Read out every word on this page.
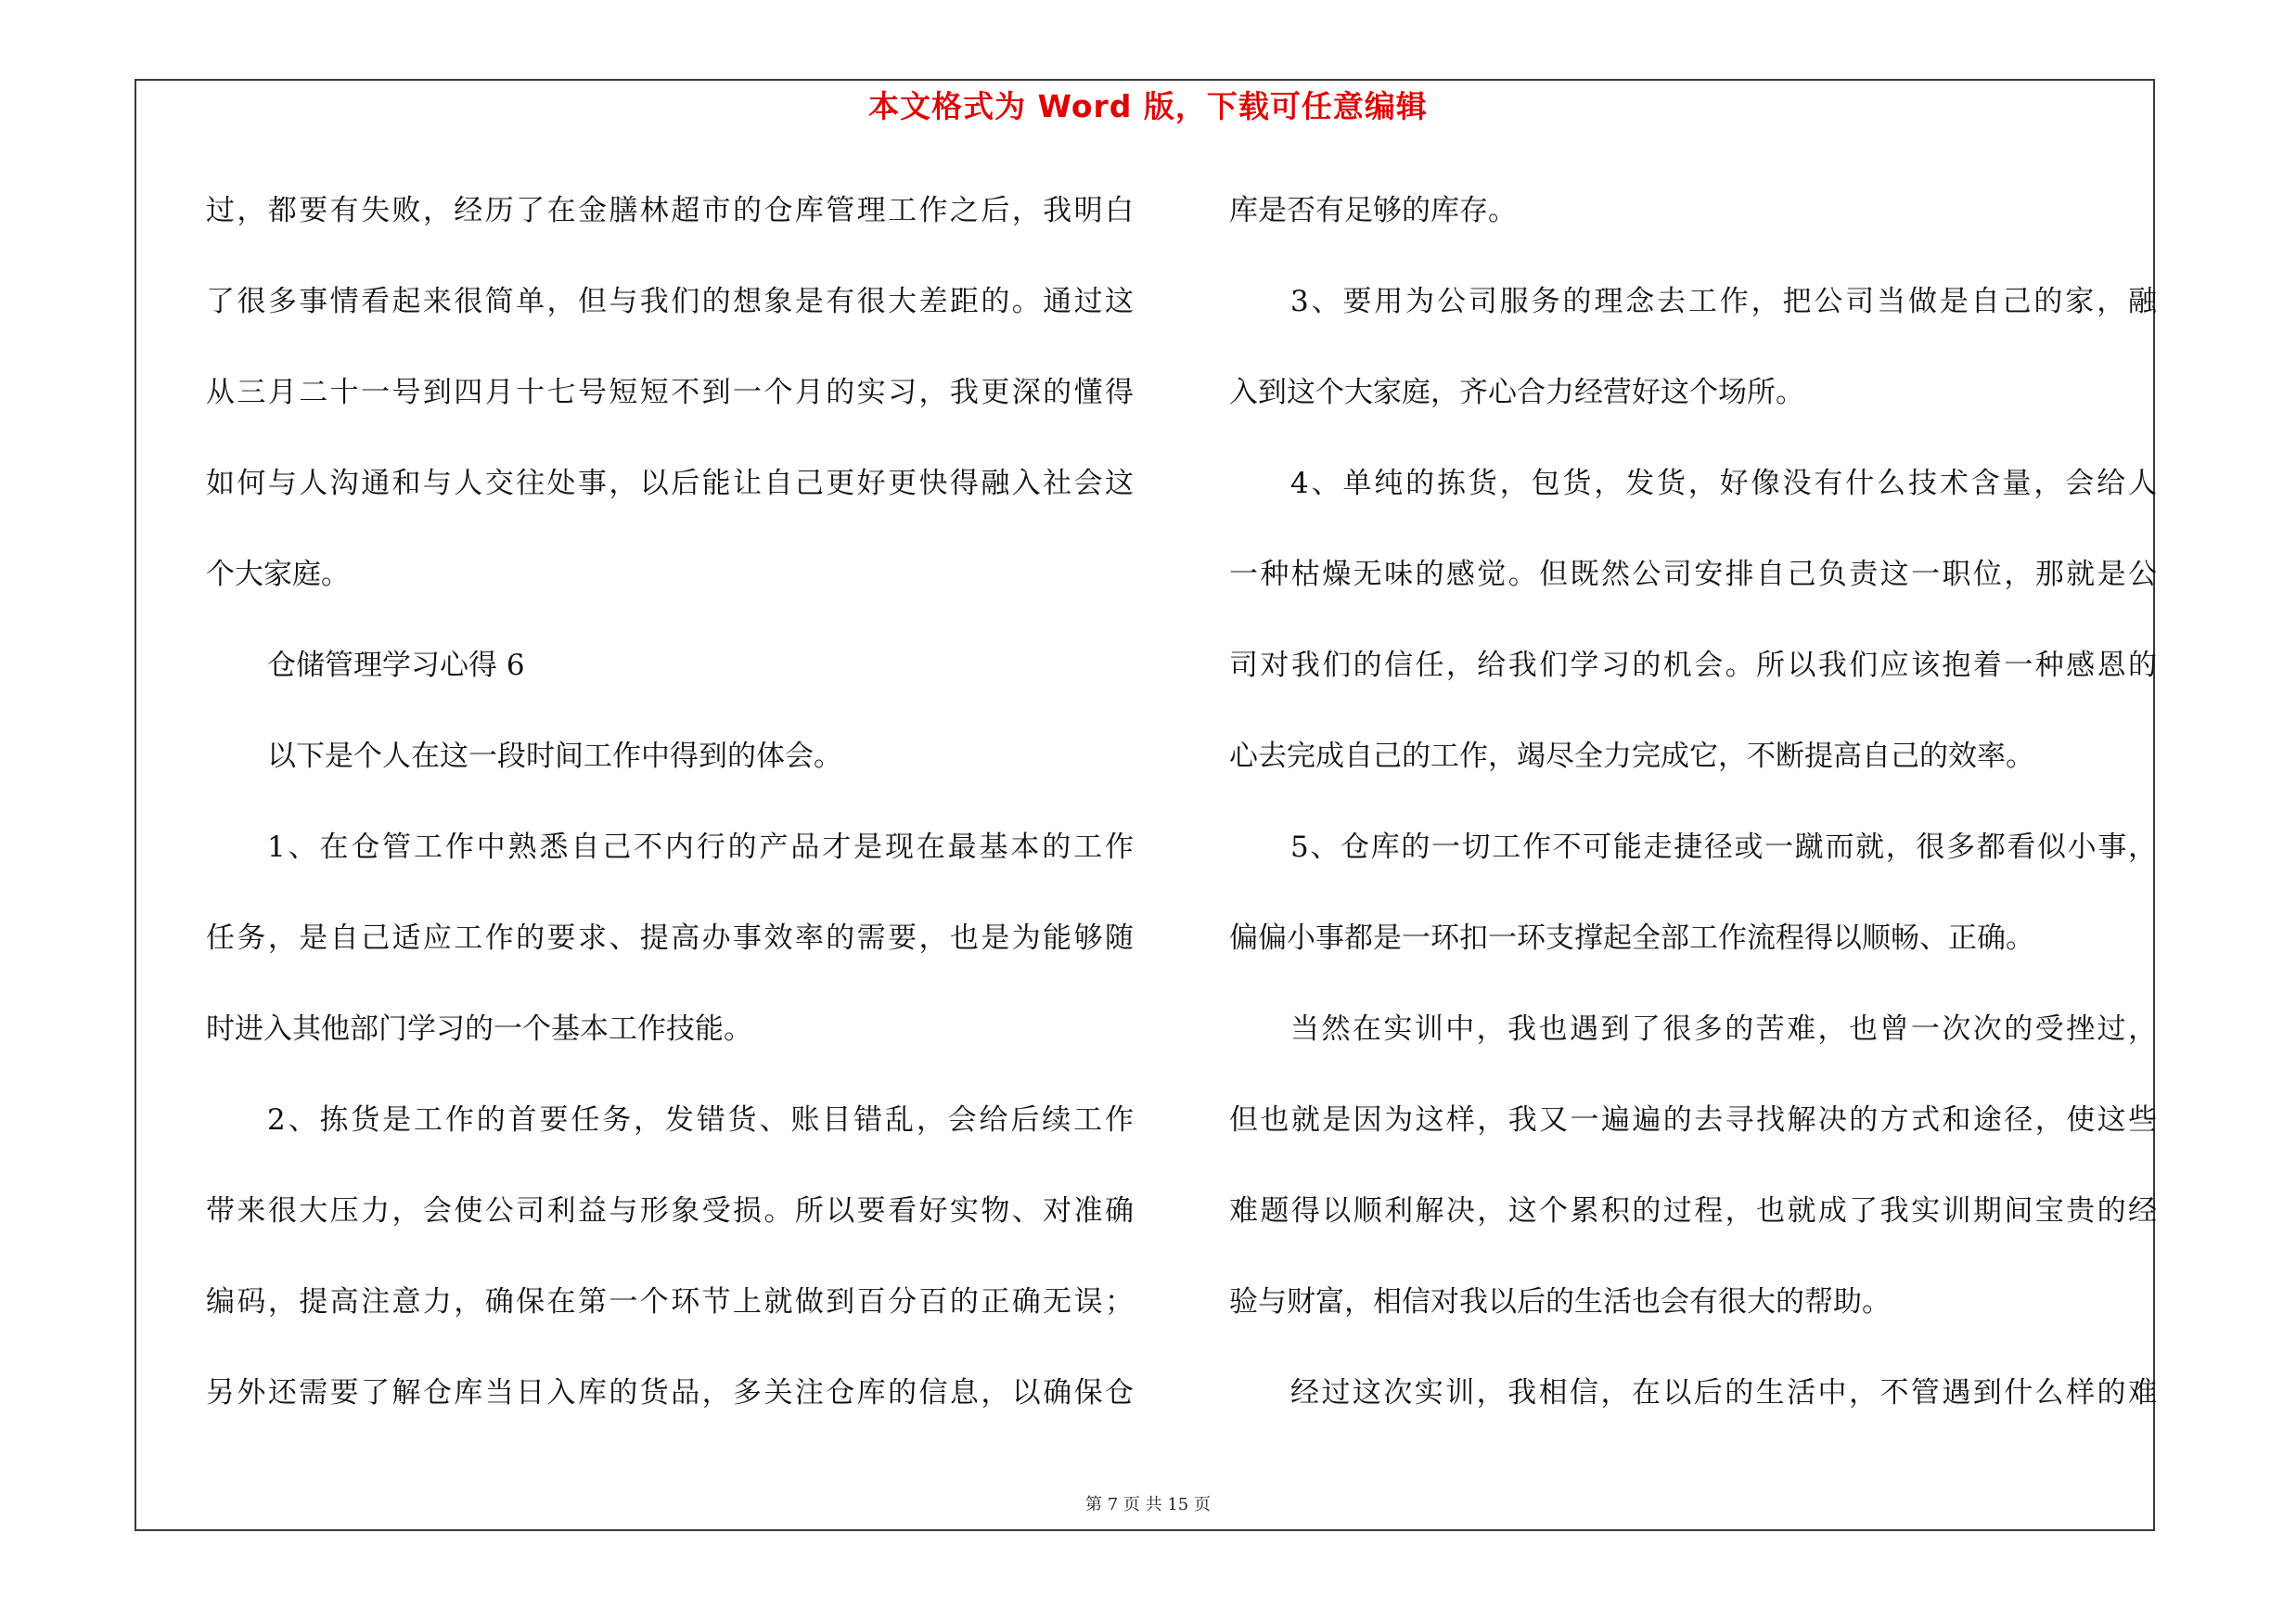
本文格式为 Word 版，下载可任意编辑
过，都要有失败，经历了在金膳林超市的仓库管理工作之后，我明白
了很多事情看起来很简单，但与我们的想象是有很大差距的。通过这
从三月二十一号到四月十七号短短不到一个月的实习，我更深的懂得
如何与人沟通和与人交往处事，以后能让自己更好更快得融入社会这
个大家庭。
仓储管理学习心得 6
以下是个人在这一段时间工作中得到的体会。
1、在仓管工作中熟悉自己不内行的产品才是现在最基本的工作
任务，是自己适应工作的要求、提高办事效率的需要，也是为能够随
时进入其他部门学习的一个基本工作技能。
2、拣货是工作的首要任务，发错货、账目错乱，会给后续工作
带来很大压力，会使公司利益与形象受损。所以要看好实物、对准确
编码，提高注意力，确保在第一个环节上就做到百分百的正确无误；
另外还需要了解仓库当日入库的货品，多关注仓库的信息，以确保仓
库是否有足够的库存。
3、要用为公司服务的理念去工作，把公司当做是自己的家，融
入到这个大家庭，齐心合力经营好这个场所。
4、单纯的拣货，包货，发货，好像没有什么技术含量，会给人
一种枯燥无味的感觉。但既然公司安排自己负责这一职位，那就是公
司对我们的信任，给我们学习的机会。所以我们应该抱着一种感恩的
心去完成自己的工作，竭尽全力完成它，不断提高自己的效率。
5、仓库的一切工作不可能走捷径或一蹴而就，很多都看似小事，
偏偏小事都是一环扣一环支撑起全部工作流程得以顺畅、正确。
当然在实训中，我也遇到了很多的苦难，也曾一次次的受挫过，
但也就是因为这样，我又一遍遍的去寻找解决的方式和途径，使这些
难题得以顺利解决，这个累积的过程，也就成了我实训期间宝贵的经
验与财富，相信对我以后的生活也会有很大的帮助。
经过这次实训，我相信，在以后的生活中，不管遇到什么样的难
第 7 页 共 15 页
